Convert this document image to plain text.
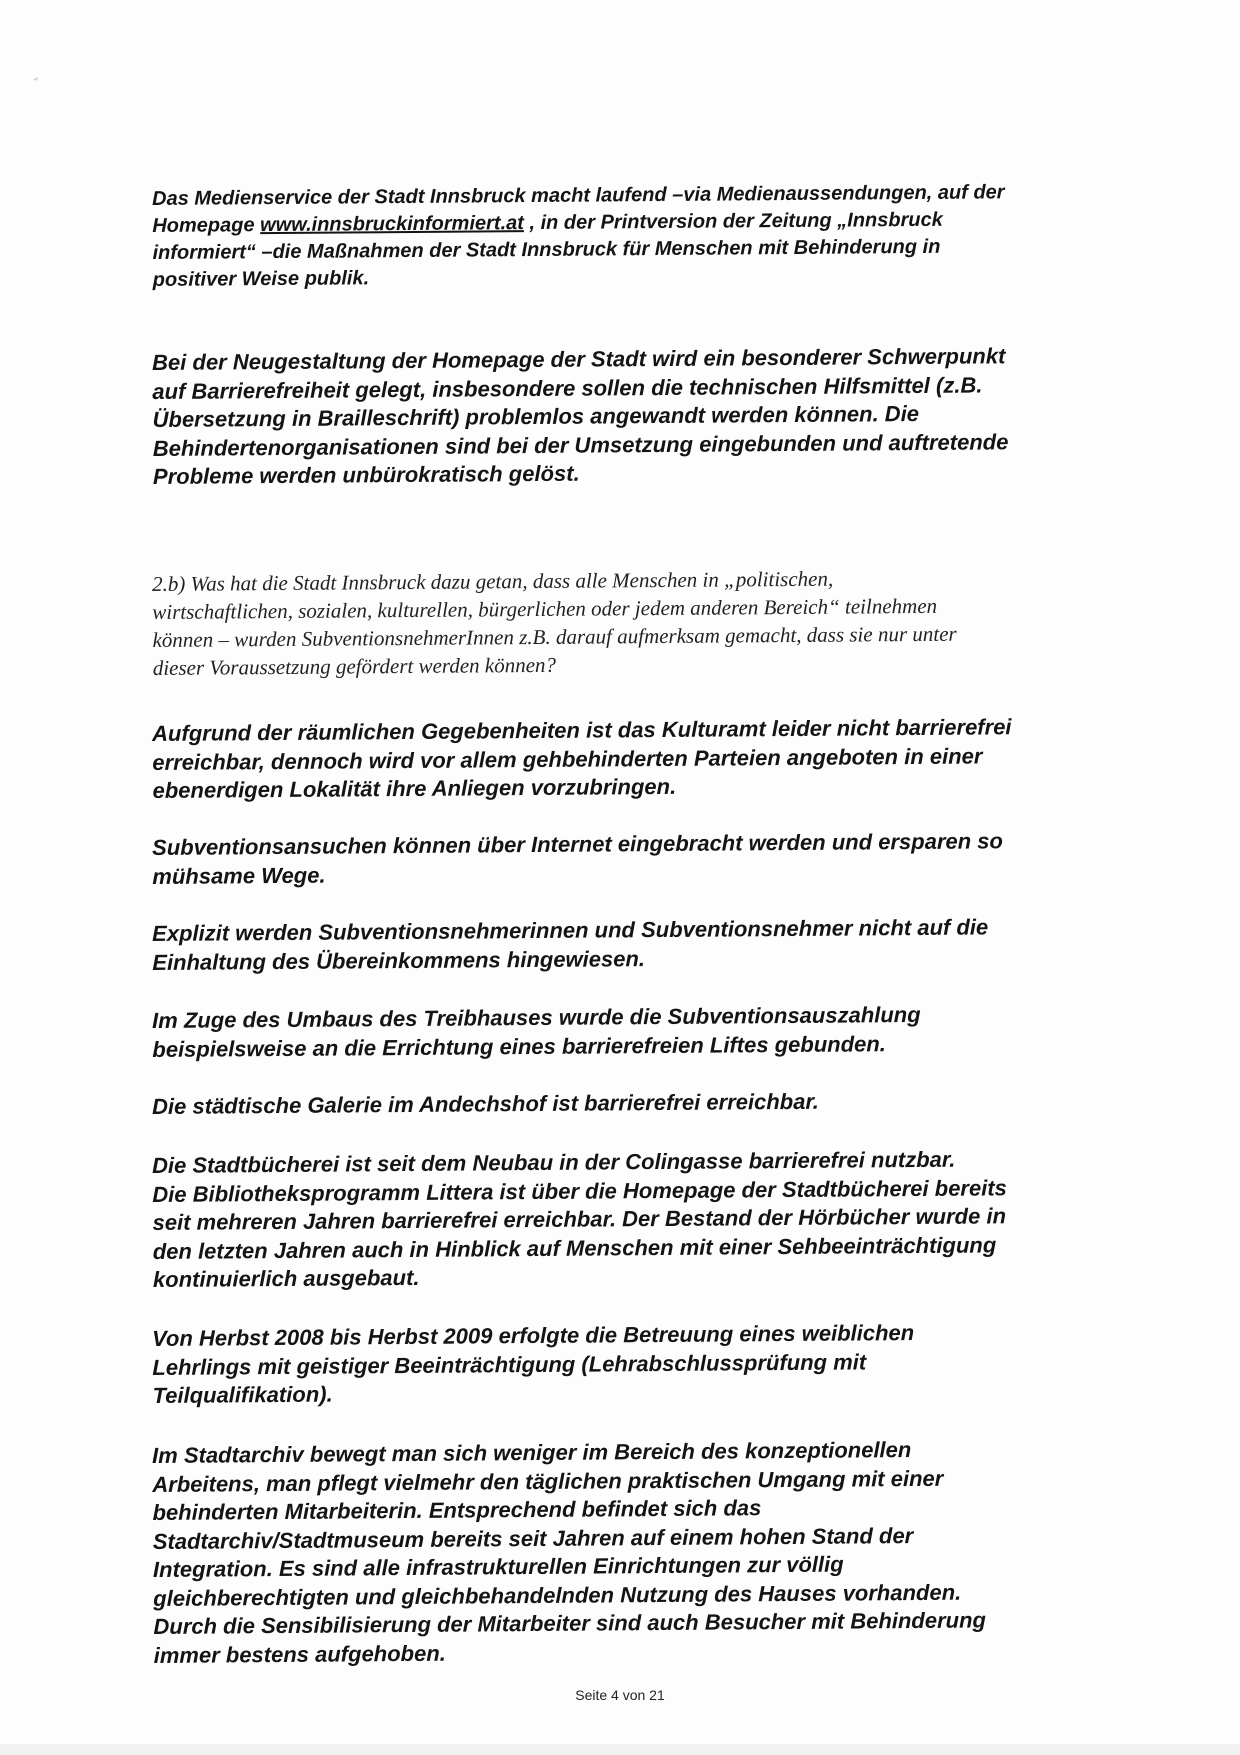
Das Medienservice der Stadt Innsbruck macht laufend –via Medienaussendungen, auf der
Homepage www.innsbruckinformiert.at , in der Printversion der Zeitung „Innsbruck
informiert“ –die Maßnahmen der Stadt Innsbruck für Menschen mit Behinderung in
positiver Weise publik.

Bei der Neugestaltung der Homepage der Stadt wird ein besonderer Schwerpunkt
auf Barrierefreiheit gelegt, insbesondere sollen die technischen Hilfsmittel (z.B.
Übersetzung in Brailleschrift) problemlos angewandt werden können. Die
Behindertenorganisationen sind bei der Umsetzung eingebunden und auftretende
Probleme werden unbürokratisch gelöst.

2.b) Was hat die Stadt Innsbruck dazu getan, dass alle Menschen in „politischen,
wirtschaftlichen, sozialen, kulturellen, bürgerlichen oder jedem anderen Bereich“ teilnehmen
können – wurden SubventionsnehmerInnen z.B. darauf aufmerksam gemacht, dass sie nur unter
dieser Voraussetzung gefördert werden können?

Aufgrund der räumlichen Gegebenheiten ist das Kulturamt leider nicht barrierefrei
erreichbar, dennoch wird vor allem gehbehinderten Parteien angeboten in einer
ebenerdigen Lokalität ihre Anliegen vorzubringen.

Subventionsansuchen können über Internet eingebracht werden und ersparen so
mühsame Wege.

Explizit werden Subventionsnehmerinnen und Subventionsnehmer nicht auf die
Einhaltung des Übereinkommens hingewiesen.

Im Zuge des Umbaus des Treibhauses wurde die Subventionsauszahlung
beispielsweise an die Errichtung eines barrierefreien Liftes gebunden.

Die städtische Galerie im Andechshof ist barrierefrei erreichbar.

Die Stadtbücherei ist seit dem Neubau in der Colingasse barrierefrei nutzbar.
Die Bibliotheksprogramm Littera ist über die Homepage der Stadtbücherei bereits
seit mehreren Jahren barrierefrei erreichbar. Der Bestand der Hörbücher wurde in
den letzten Jahren auch in Hinblick auf Menschen mit einer Sehbeeinträchtigung
kontinuierlich ausgebaut.

Von Herbst 2008 bis Herbst 2009 erfolgte die Betreuung eines weiblichen
Lehrlings mit geistiger Beeinträchtigung (Lehrabschlussprüfung mit
Teilqualifikation).

Im Stadtarchiv bewegt man sich weniger im Bereich des konzeptionellen
Arbeitens, man pflegt vielmehr den täglichen praktischen Umgang mit einer
behinderten Mitarbeiterin. Entsprechend befindet sich das
Stadtarchiv/Stadtmuseum bereits seit Jahren auf einem hohen Stand der
Integration. Es sind alle infrastrukturellen Einrichtungen zur völlig
gleichberechtigten und gleichbehandelnden Nutzung des Hauses vorhanden.
Durch die Sensibilisierung der Mitarbeiter sind auch Besucher mit Behinderung
immer bestens aufgehoben.

Seite 4 von 21
